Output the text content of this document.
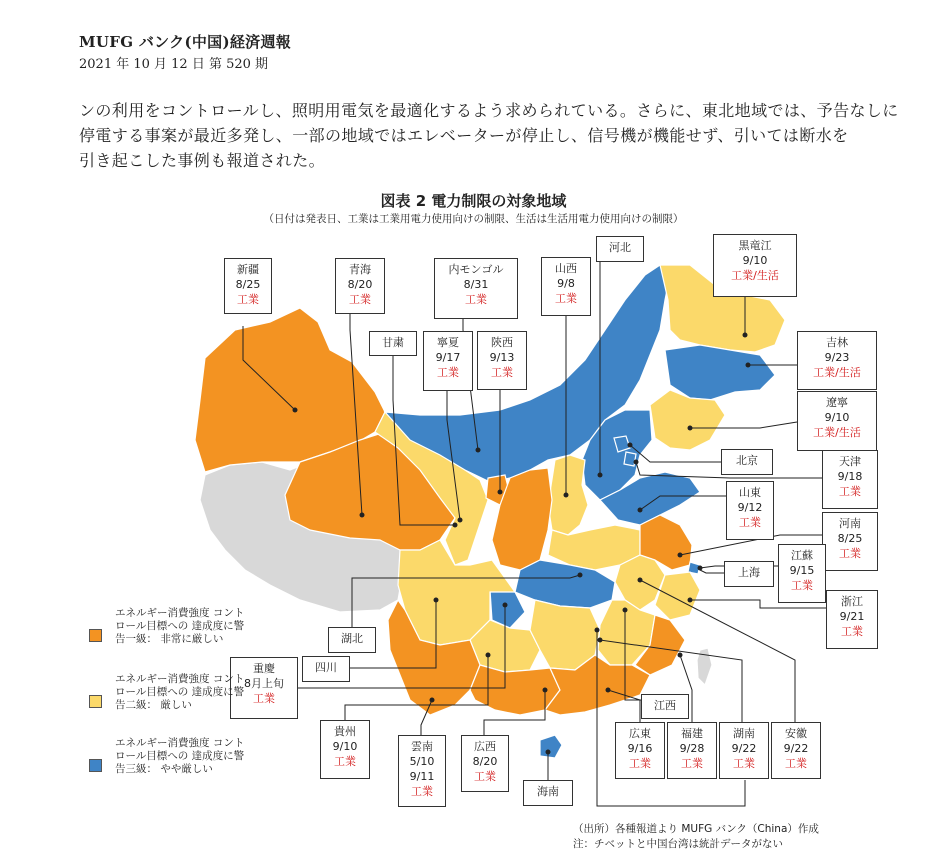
MUFG バンク(中国)経済週報
2021 年 10 月 12 日 第 520 期
ンの利用をコントロールし、照明用電気を最適化するよう求められている。さらに、東北地域では、予告なしに
停電する事案が最近多発し、一部の地域ではエレベーターが停止し、信号機が機能せず、引いては断水を
引き起こした事例も報道された。
図表 2 電力制限の対象地域
（日付は発表日、工業は工業用電力使用向けの制限、生活は生活用電力使用向けの制限）
新疆
8/25
工業
青海
8/20
工業
内モンゴル
8/31
工業
山西
9/8
工業
河北	黒竜江
9/10
工業/生活
甘粛	寧夏
9/17
工業
陝西
9/13
工業
吉林
9/23
工業/生活
遼寧
9/10
工業/生活
北京	天津
9/18
工業
山東
9/12
工業	河南
8/25
工業
江蘇
9/15
工業
上海
浙江
9/21
工業
湖北
四川
重慶
8月上旬
工業
貴州
9/10
工業
雲南
5/10
9/11
工業
広西
8/20
工業
江西
広東
9/16
工業
福建
9/28
工業
湖南
9/22
工業
安徽
9/22
工業
海南
エネルギー消費強度 コントロール目標への 達成度に警告一級： 非常に厳しい
エネルギー消費強度 コントロール目標への 達成度に警告二級： 厳しい
エネルギー消費強度 コントロール目標への 達成度に警告三級： やや厳しい
（出所）各種報道より MUFG バンク（China）作成
注：チベットと中国台湾は統計データがない
